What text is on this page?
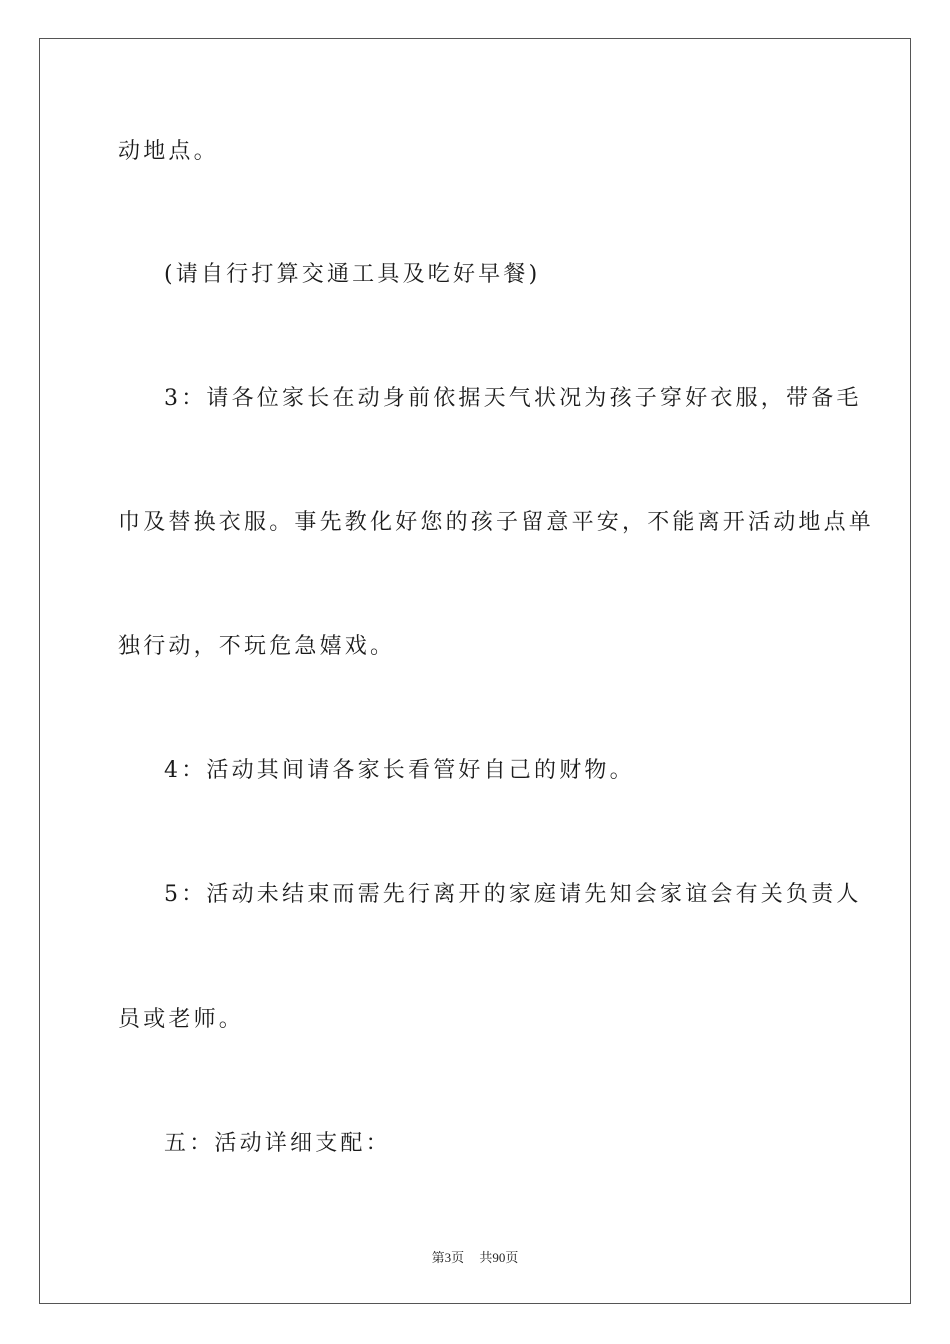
动地点。
(请自行打算交通工具及吃好早餐)
3：请各位家长在动身前依据天气状况为孩子穿好衣服，带备毛
巾及替换衣服。事先教化好您的孩子留意平安，不能离开活动地点单
独行动，不玩危急嬉戏。
4：活动其间请各家长看管好自己的财物。
5：活动未结束而需先行离开的家庭请先知会家谊会有关负责人
员或老师。
五：活动详细支配：
第3页 共90页
